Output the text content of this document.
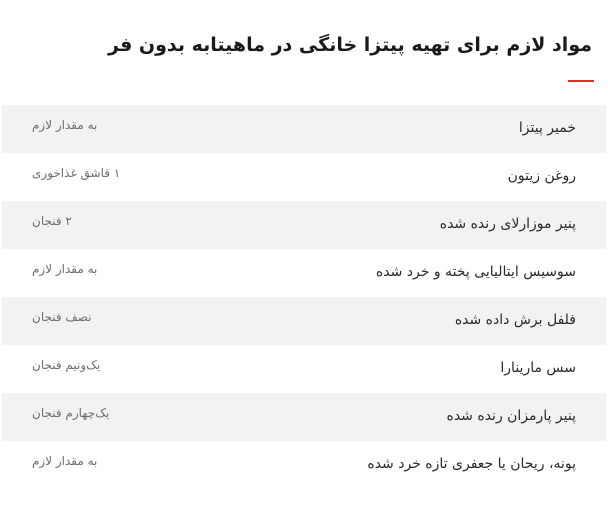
مواد لازم برای تهیه پیتزا خانگی در ماهیتابه بدون فر
خمیر پیتزا
به مقدار لازم
روغن زیتون
۱ قاشق غذاخوری
پنیر موزارلای رنده شده
۲ فنجان
سوسیس ایتالیایی پخته و خرد شده
به مقدار لازم
فلفل برش داده شده
نصف فنجان
سس مارینارا
یک‌ونیم فنجان
پنیر پارمزان رنده شده
یک‌چهارم فنجان
پونه، ریحان یا جعفری تازه خرد شده
به مقدار لازم
